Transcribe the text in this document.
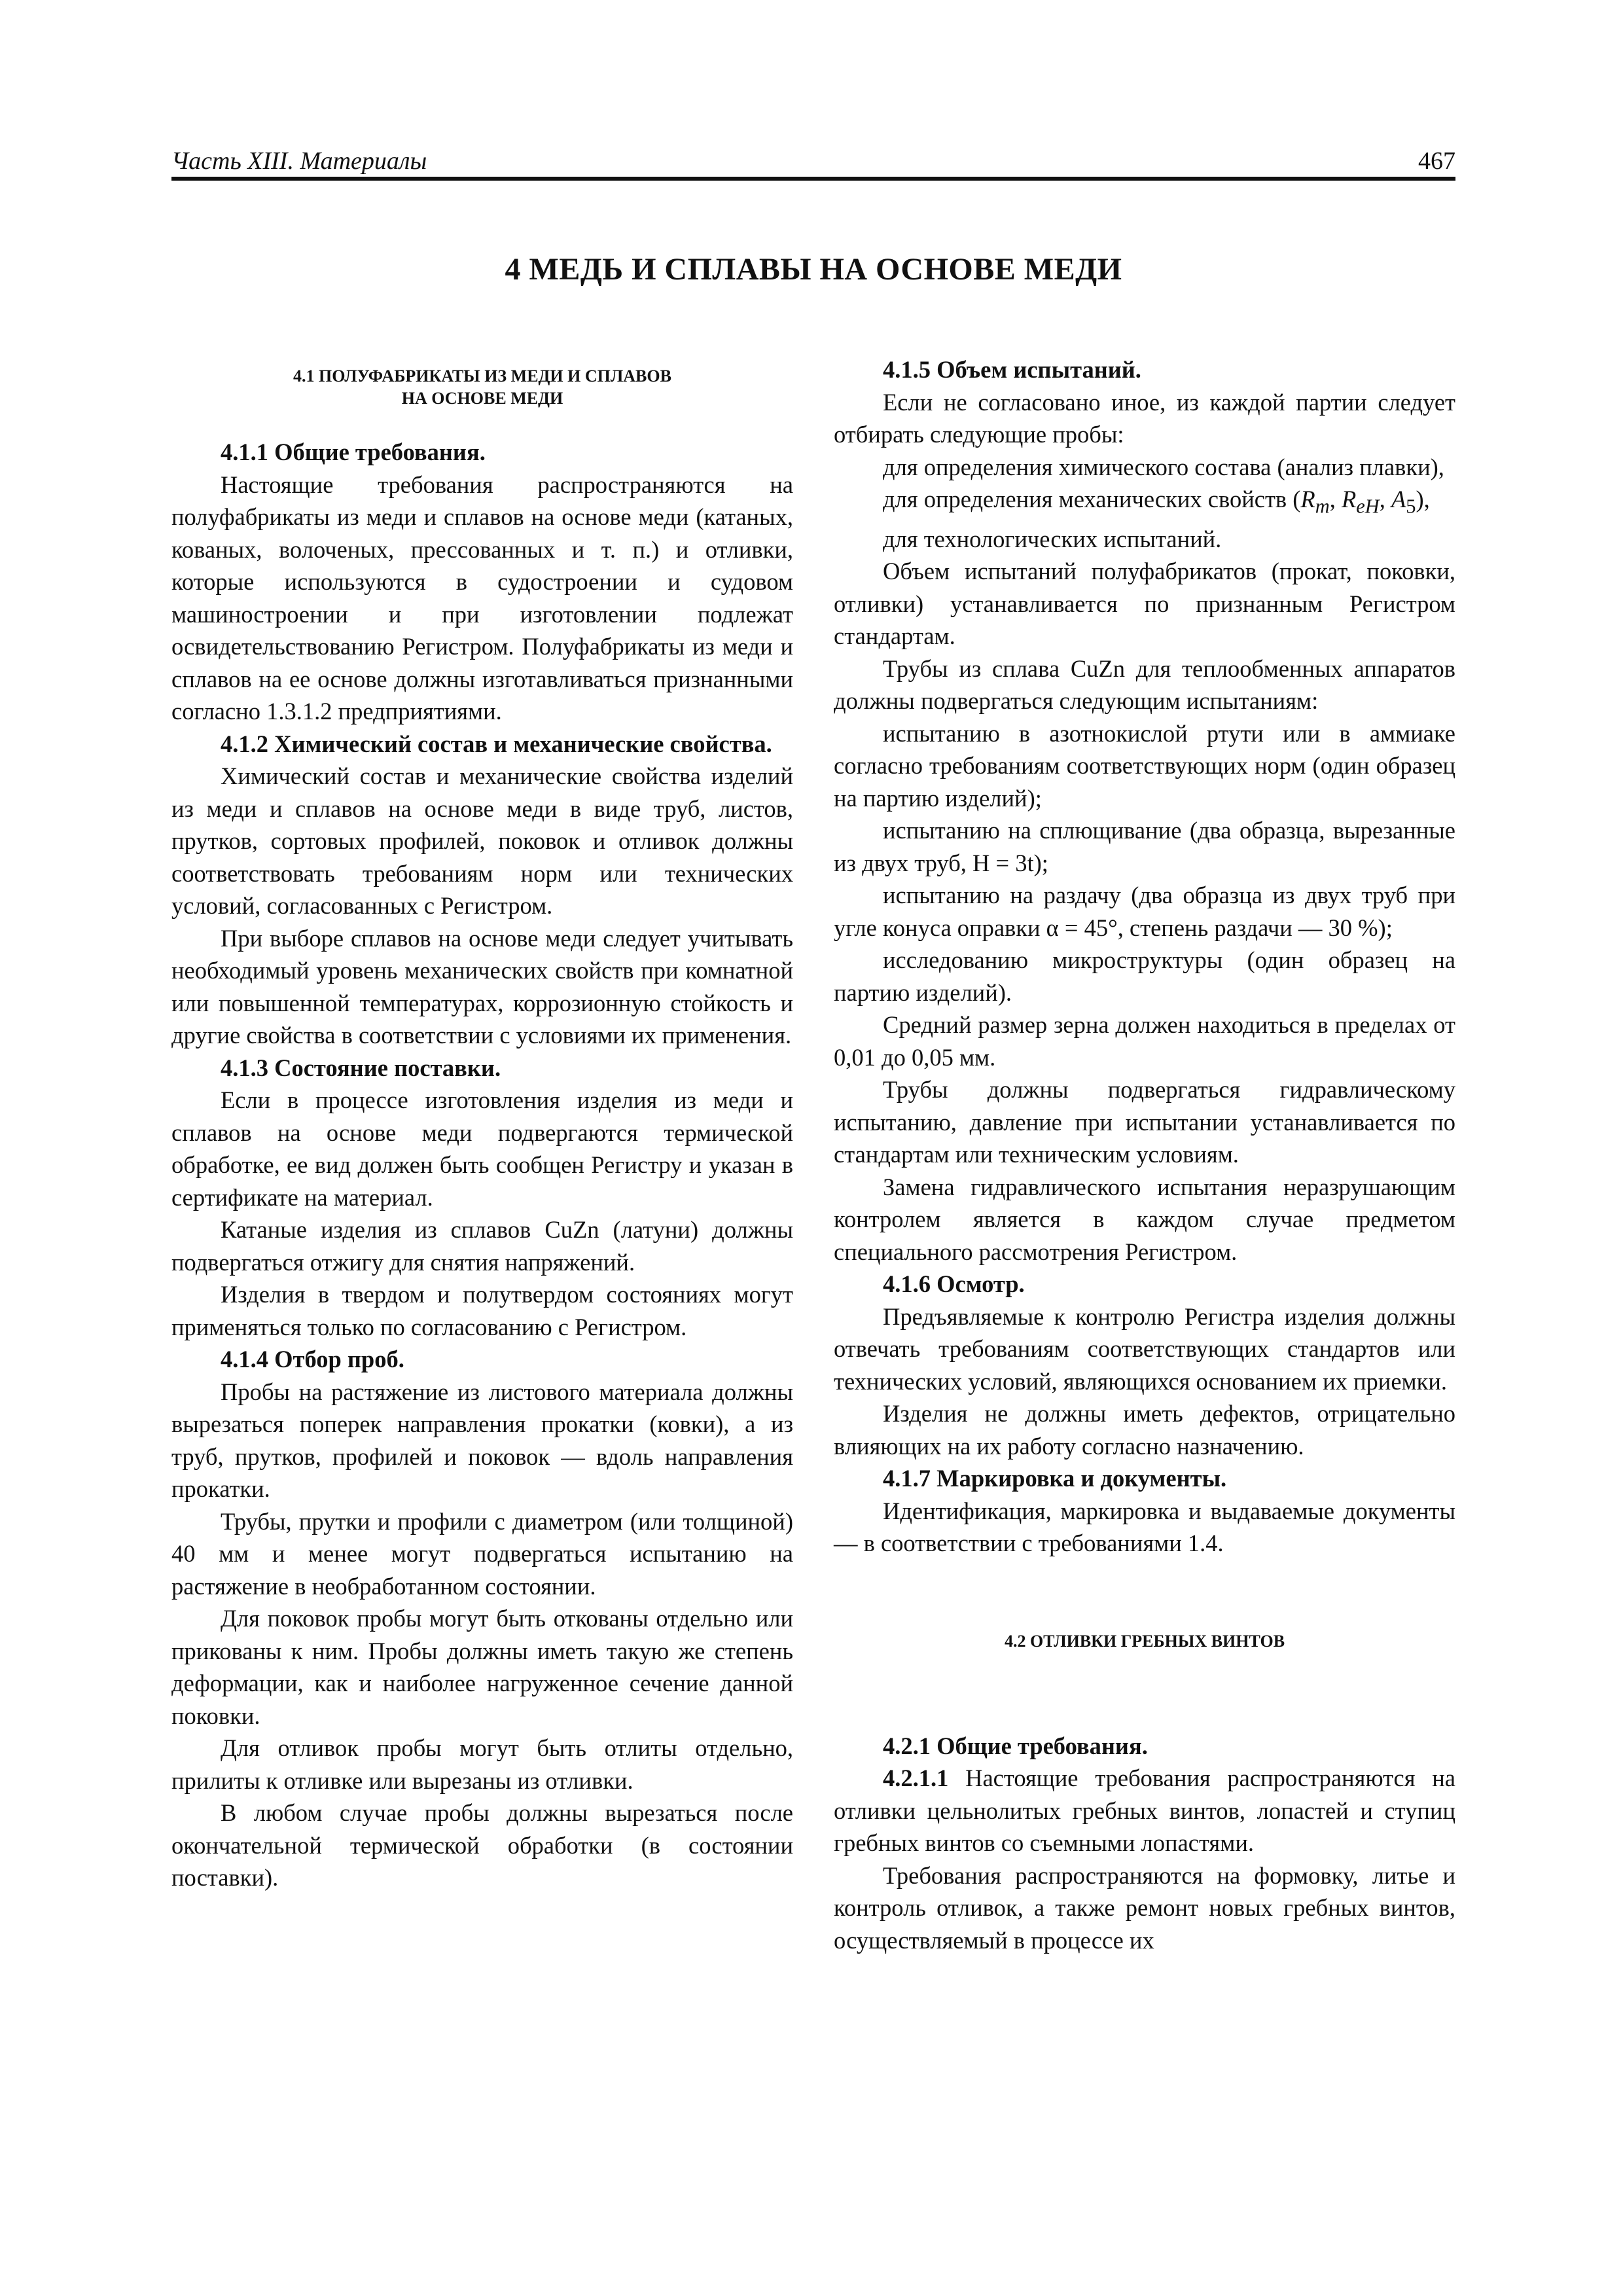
Часть XIII. Материалы	467
4 МЕДЬ И СПЛАВЫ НА ОСНОВЕ МЕДИ
4.1 ПОЛУФАБРИКАТЫ ИЗ МЕДИ И СПЛАВОВ
НА ОСНОВЕ МЕДИ

4.1.1 Общие требования.

Настоящие требования распространяются на полуфабрикаты из меди и сплавов на основе меди (катаных, кованых, волоченых, прессованных и т. п.) и отливки, которые используются в судостроении и судовом машиностроении и при изготовлении подлежат освидетельствованию Регистром. Полуфабрикаты из меди и сплавов на ее основе должны изготавливаться признанными согласно 1.3.1.2 предприятиями.

4.1.2 Химический состав и механические свойства.

Химический состав и механические свойства изделий из меди и сплавов на основе меди в виде труб, листов, прутков, сортовых профилей, поковок и отливок должны соответствовать требованиям норм или технических условий, согласованных с Регистром.

При выборе сплавов на основе меди следует учитывать необходимый уровень механических свойств при комнатной или повышенной температурах, коррозионную стойкость и другие свойства в соответствии с условиями их применения.

4.1.3 Состояние поставки.

Если в процессе изготовления изделия из меди и сплавов на основе меди подвергаются термической обработке, ее вид должен быть сообщен Регистру и указан в сертификате на материал.

Катаные изделия из сплавов CuZn (латуни) должны подвергаться отжигу для снятия напряжений.

Изделия в твердом и полутвердом состояниях могут применяться только по согласованию с Регистром.

4.1.4 Отбор проб.

Пробы на растяжение из листового материала должны вырезаться поперек направления прокатки (ковки), а из труб, прутков, профилей и поковок — вдоль направления прокатки.

Трубы, прутки и профили с диаметром (или толщиной) 40 мм и менее могут подвергаться испытанию на растяжение в необработанном состоянии.

Для поковок пробы могут быть откованы отдельно или прикованы к ним. Пробы должны иметь такую же степень деформации, как и наиболее нагруженное сечение данной поковки.

Для отливок пробы могут быть отлиты отдельно, прилиты к отливке или вырезаны из отливки.

В любом случае пробы должны вырезаться после окончательной термической обработки (в состоянии поставки).

4.1.5 Объем испытаний.

Если не согласовано иное, из каждой партии следует отбирать следующие пробы:

для определения химического состава (анализ плавки),

для определения механических свойств ($R_m$, $R_{eH}$, $A_5$),

для технологических испытаний.

Объем испытаний полуфабрикатов (прокат, поковки, отливки) устанавливается по признанным Регистром стандартам.

Трубы из сплава CuZn для теплообменных аппаратов должны подвергаться следующим испытаниям:

испытанию в азотнокислой ртути или в аммиаке согласно требованиям соответствующих норм (один образец на партию изделий);

испытанию на сплющивание (два образца, вырезанные из двух труб, H = 3t);

испытанию на раздачу (два образца из двух труб при угле конуса оправки α = 45°, степень раздачи — 30 %);

исследованию микроструктуры (один образец на партию изделий).

Средний размер зерна должен находиться в пределах от 0,01 до 0,05 мм.

Трубы должны подвергаться гидравлическому испытанию, давление при испытании устанавливается по стандартам или техническим условиям.

Замена гидравлического испытания неразрушающим контролем является в каждом случае предметом специального рассмотрения Регистром.

4.1.6 Осмотр.

Предъявляемые к контролю Регистра изделия должны отвечать требованиям соответствующих стандартов или технических условий, являющихся основанием их приемки.

Изделия не должны иметь дефектов, отрицательно влияющих на их работу согласно назначению.

4.1.7 Маркировка и документы.

Идентификация, маркировка и выдаваемые документы — в соответствии с требованиями 1.4.

4.2 ОТЛИВКИ ГРЕБНЫХ ВИНТОВ

4.2.1 Общие требования.

4.2.1.1 Настоящие требования распространяются на отливки цельнолитых гребных винтов, лопастей и ступиц гребных винтов со съемными лопастями.

Требования распространяются на формовку, литье и контроль отливок, а также ремонт новых гребных винтов, осуществляемый в процессе их
